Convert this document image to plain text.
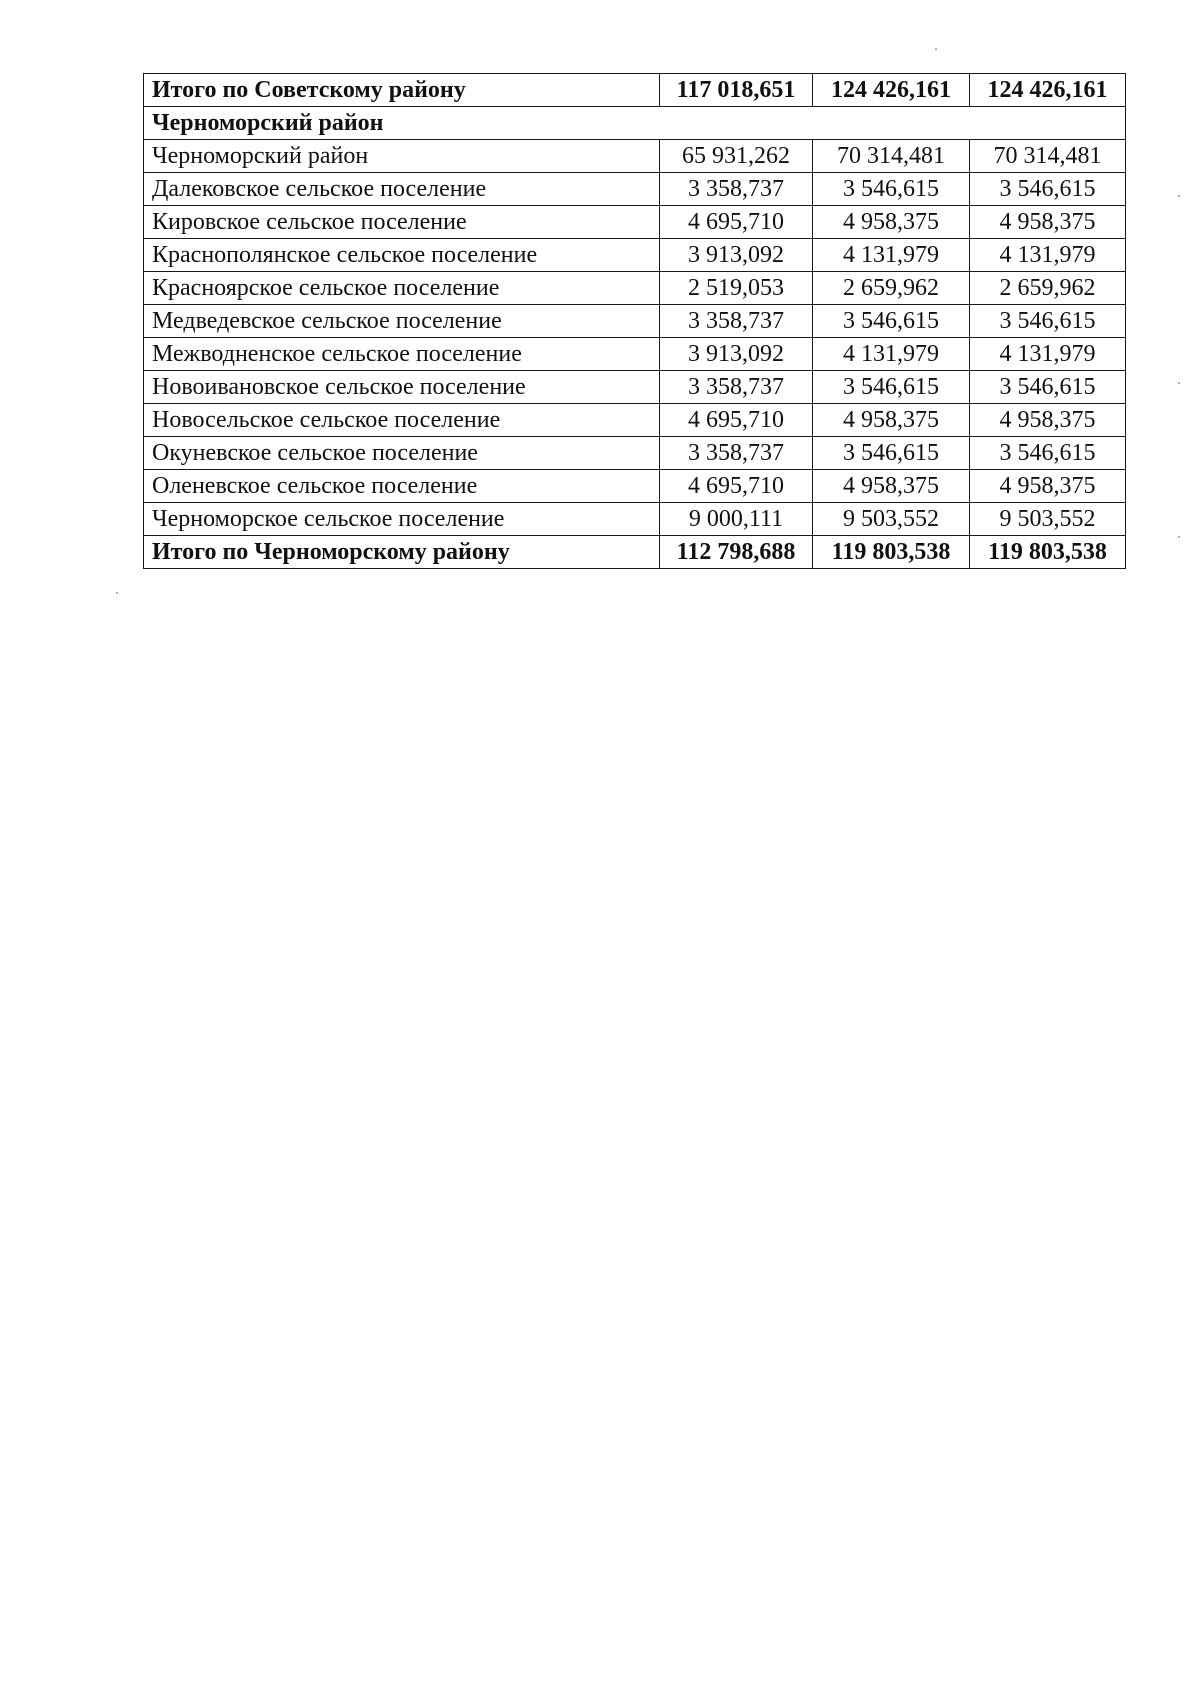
Итого по Советскому району	117 018,651	124 426,161	124 426,161
Черноморский район			
Черноморский район	65 931,262	70 314,481	70 314,481
Далековское сельское поселение	3 358,737	3 546,615	3 546,615
Кировское сельское поселение	4 695,710	4 958,375	4 958,375
Краснополянское сельское поселение	3 913,092	4 131,979	4 131,979
Красноярское сельское поселение	2 519,053	2 659,962	2 659,962
Медведевское сельское поселение	3 358,737	3 546,615	3 546,615
Межводненское сельское поселение	3 913,092	4 131,979	4 131,979
Новоивановское сельское поселение	3 358,737	3 546,615	3 546,615
Новосельское сельское поселение	4 695,710	4 958,375	4 958,375
Окуневское сельское поселение	3 358,737	3 546,615	3 546,615
Оленевское сельское поселение	4 695,710	4 958,375	4 958,375
Черноморское сельское поселение	9 000,111	9 503,552	9 503,552
Итого по Черноморскому району	112 798,688	119 803,538	119 803,538
